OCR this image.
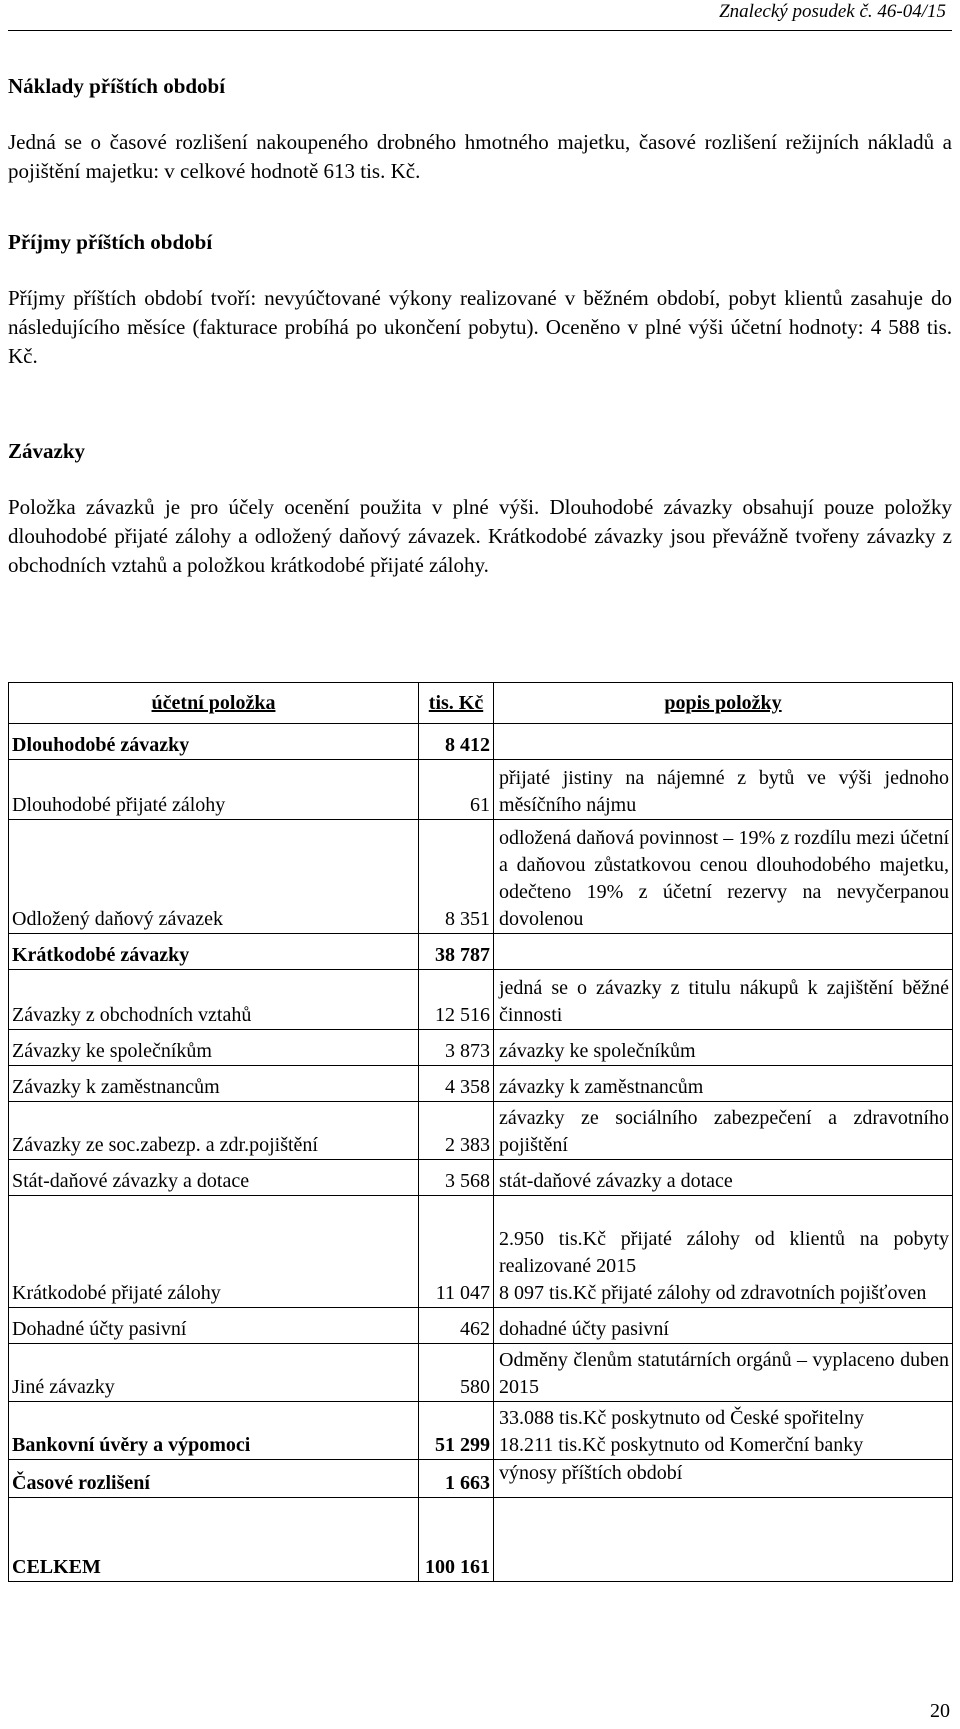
Znalecký posudek č. 46-04/15
Náklady příštích období

Jedná se o časové rozlišení nakoupeného drobného hmotného majetku, časové rozlišení režijních nákladů a pojištění majetku: v celkové hodnotě 613 tis. Kč.

Příjmy příštích období

Příjmy příštích období tvoří: nevyúčtované výkony realizované v běžném období, pobyt klientů zasahuje do následujícího měsíce (fakturace probíhá po ukončení pobytu). Oceněno v plné výši účetní hodnoty: 4 588 tis. Kč.

Závazky

Položka závazků je pro účely ocenění použita v plné výši. Dlouhodobé závazky obsahují pouze položky dlouhodobé přijaté zálohy a odložený daňový závazek. Krátkodobé závazky jsou převážně tvořeny závazky z obchodních vztahů a položkou krátkodobé přijaté zálohy.

účetní položka	tis. Kč	popis položky
Dlouhodobé závazky	8 412	
Dlouhodobé přijaté zálohy	61	přijaté jistiny na nájemné z bytů ve výši jednoho měsíčního nájmu
Odložený daňový závazek	8 351	odložená daňová povinnost – 19% z rozdílu mezi účetní a daňovou zůstatkovou cenou dlouhodobého majetku, odečteno 19% z účetní rezervy na nevyčerpanou dovolenou
Krátkodobé závazky	38 787	
Závazky z obchodních vztahů	12 516	jedná se o závazky z titulu nákupů k zajištění běžné činnosti
Závazky ke společníkům	3 873	závazky ke společníkům
Závazky k zaměstnancům	4 358	závazky k zaměstnancům
Závazky ze soc.zabezp. a zdr.pojištění	2 383	závazky ze sociálního zabezpečení a zdravotního pojištění
Stát-daňové závazky a dotace	3 568	stát-daňové závazky a dotace
Krátkodobé přijaté zálohy	11 047	2.950 tis.Kč přijaté zálohy od klientů na pobyty realizované 2015
8 097 tis.Kč přijaté zálohy od zdravotních pojišťoven

Dohadné účty pasivní	462	dohadné účty pasivní
Jiné závazky	580	Odměny členům statutárních orgánů – vyplaceno duben 2015
Bankovní úvěry a výpomoci	51 299	33.088 tis.Kč poskytnuto od České spořitelny
18.211 tis.Kč poskytnuto od Komerční banky

Časové rozlišení	1 663	výnosy příštích období
CELKEM	100 161	
20
